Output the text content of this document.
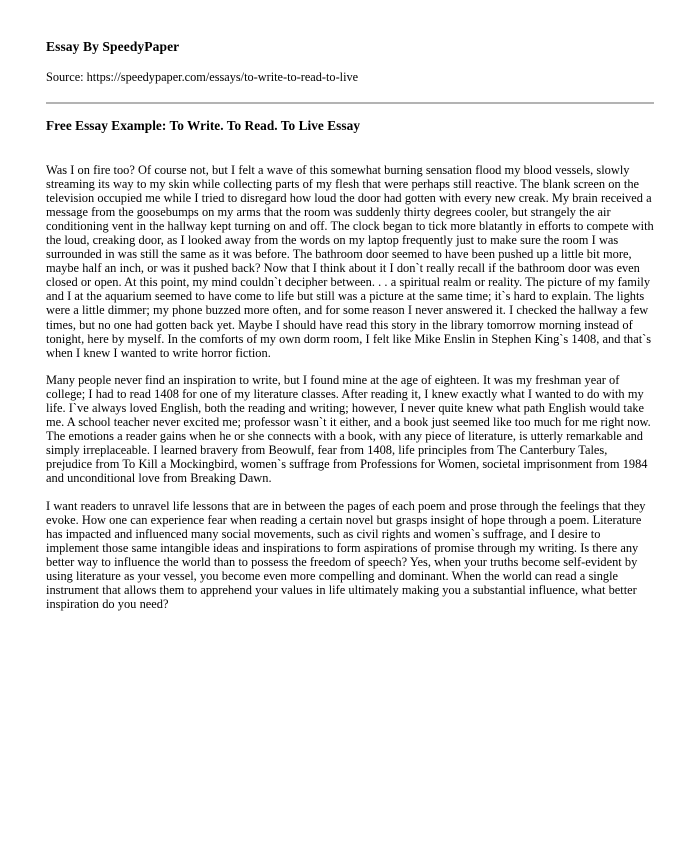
Essay By SpeedyPaper
Source: https://speedypaper.com/essays/to-write-to-read-to-live
Free Essay Example: To Write. To Read. To Live Essay

Was I on fire too? Of course not, but I felt a wave of this somewhat burning sensation flood my blood vessels, slowly streaming its way to my skin while collecting parts of my flesh that were perhaps still reactive. The blank screen on the television occupied me while I tried to disregard how loud the door had gotten with every new creak. My brain received a message from the goosebumps on my arms that the room was suddenly thirty degrees cooler, but strangely the air conditioning vent in the hallway kept turning on and off. The clock began to tick more blatantly in efforts to compete with the loud, creaking door, as I looked away from the words on my laptop frequently just to make sure the room I was surrounded in was still the same as it was before. The bathroom door seemed to have been pushed up a little bit more, maybe half an inch, or was it pushed back? Now that I think about it I don`t really recall if the bathroom door was even closed or open. At this point, my mind couldn`t decipher between. . . a spiritual realm or reality. The picture of my family and I at the aquarium seemed to have come to life but still was a picture at the same time; it`s hard to explain. The lights were a little dimmer; my phone buzzed more often, and for some reason I never answered it. I checked the hallway a few times, but no one had gotten back yet. Maybe I should have read this story in the library tomorrow morning instead of tonight, here by myself. In the comforts of my own dorm room, I felt like Mike Enslin in Stephen King`s 1408, and that`s when I knew I wanted to write horror fiction.

Many people never find an inspiration to write, but I found mine at the age of eighteen. It was my freshman year of college; I had to read 1408 for one of my literature classes. After reading it, I knew exactly what I wanted to do with my life. I`ve always loved English, both the reading and writing; however, I never quite knew what path English would take me. A school teacher never excited me; professor wasn`t it either, and a book just seemed like too much for me right now. The emotions a reader gains when he or she connects with a book, with any piece of literature, is utterly remarkable and simply irreplaceable. I learned bravery from Beowulf, fear from 1408, life principles from The Canterbury Tales, prejudice from To Kill a Mockingbird, women`s suffrage from Professions for Women, societal imprisonment from 1984 and unconditional love from Breaking Dawn.

I want readers to unravel life lessons that are in between the pages of each poem and prose through the feelings that they evoke. How one can experience fear when reading a certain novel but grasps insight of hope through a poem. Literature has impacted and influenced many social movements, such as civil rights and women`s suffrage, and I desire to implement those same intangible ideas and inspirations to form aspirations of promise through my writing. Is there any better way to influence the world than to possess the freedom of speech? Yes, when your truths become self-evident by using literature as your vessel, you become even more compelling and dominant. When the world can read a single instrument that allows them to apprehend your values in life ultimately making you a substantial influence, what better inspiration do you need?
